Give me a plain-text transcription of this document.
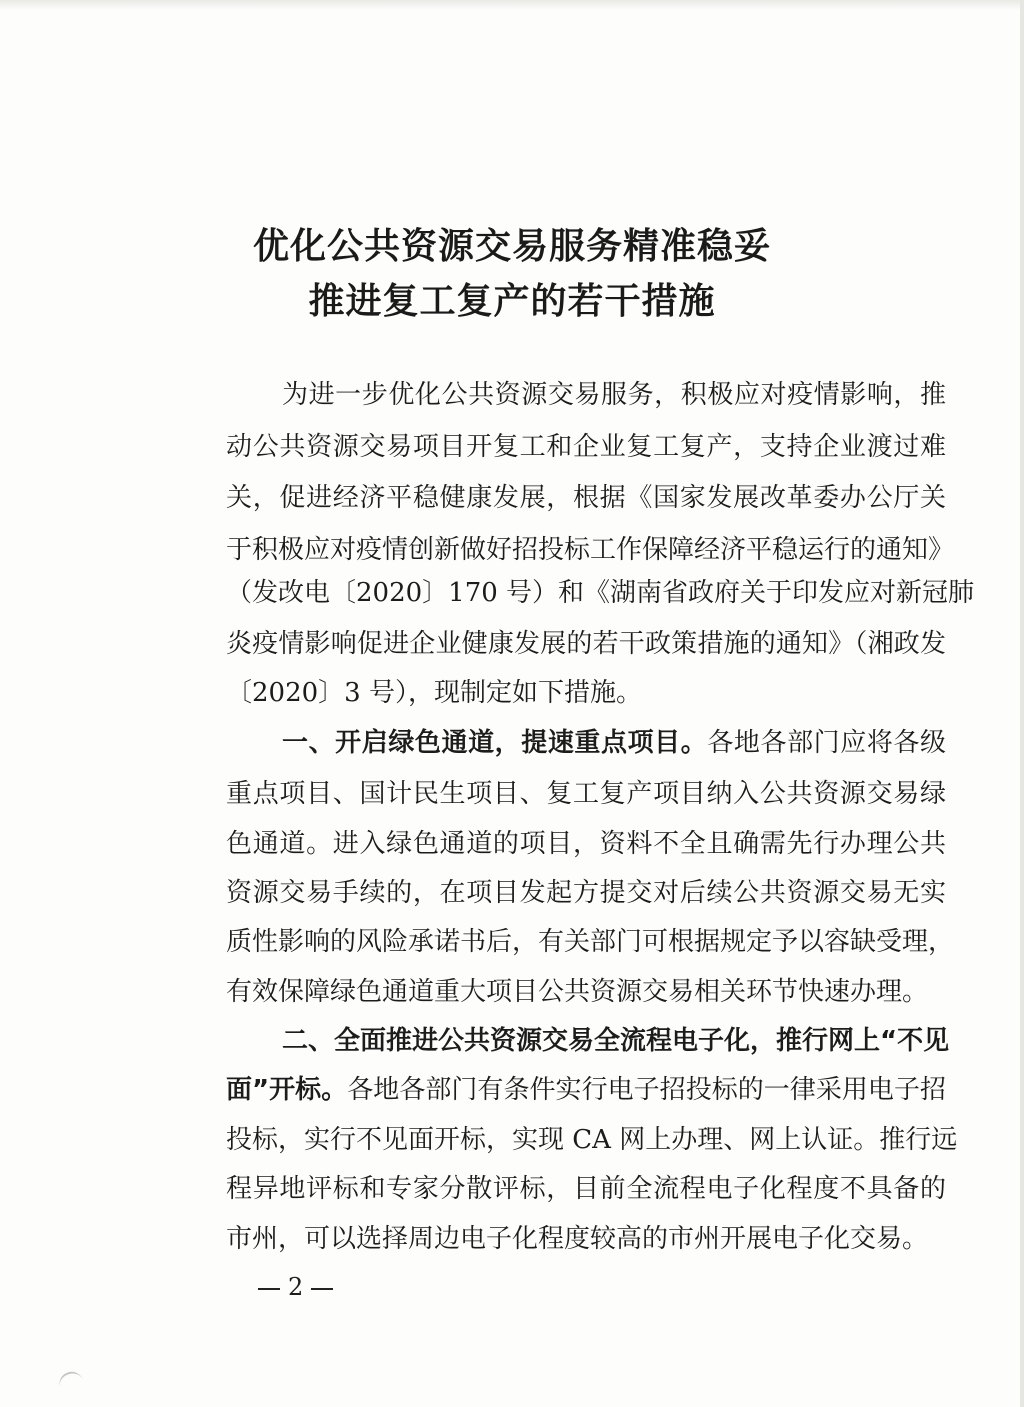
优化公共资源交易服务精准稳妥
推进复工复产的若干措施

为进一步优化公共资源交易服务，积极应对疫情影响，推

动公共资源交易项目开复工和企业复工复产，支持企业渡过难

关，促进经济平稳健康发展，根据《国家发展改革委办公厅关

于积极应对疫情创新做好招投标工作保障经济平稳运行的通知》

（发改电〔2020〕170 号）和《湖南省政府关于印发应对新冠肺

炎疫情影响促进企业健康发展的若干政策措施的通知》（湘政发

〔2020〕3 号），现制定如下措施。

一、开启绿色通道，提速重点项目。各地各部门应将各级

重点项目、国计民生项目、复工复产项目纳入公共资源交易绿

色通道。进入绿色通道的项目，资料不全且确需先行办理公共

资源交易手续的，在项目发起方提交对后续公共资源交易无实

质性影响的风险承诺书后，有关部门可根据规定予以容缺受理，

有效保障绿色通道重大项目公共资源交易相关环节快速办理。

二、全面推进公共资源交易全流程电子化，推行网上“不见

面”开标。各地各部门有条件实行电子招投标的一律采用电子招

投标，实行不见面开标，实现 CA 网上办理、网上认证。推行远

程异地评标和专家分散评标，目前全流程电子化程度不具备的

市州，可以选择周边电子化程度较高的市州开展电子化交易。

2
